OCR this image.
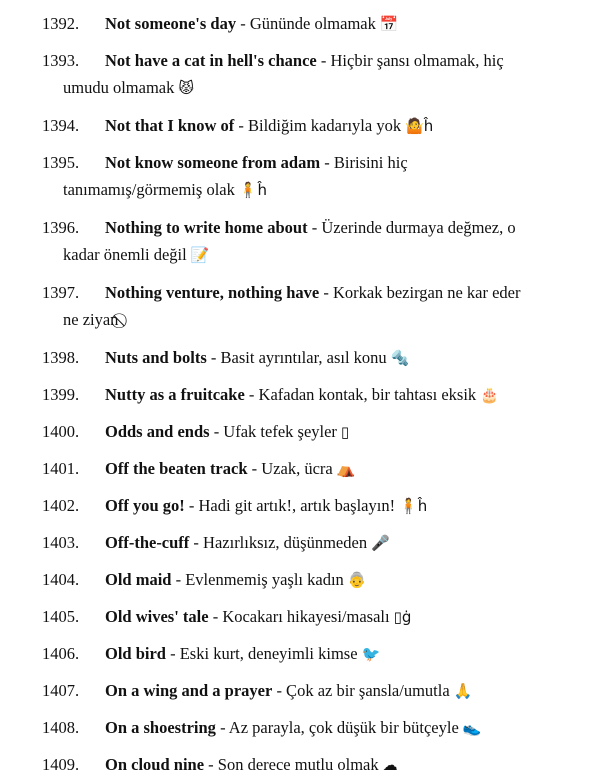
1392.	Not someone's day - Gününde olmamak 📅
1393.	Not have a cat in hell's chance - Hiçbir şansı olmamak, hiç
umudu olmamak 😾
1394.	Not that I know of - Bildiğim kadarıyla yok 🤷ĥ
1395.	Not know someone from adam - Birisini hiç
tanımamış/görmemiş olak 🧍ĥ
1396.	Nothing to write home about - Üzerinde durmaya değmez, o
kadar önemli değil 📝
1397.	Nothing venture, nothing have - Korkak bezirgan ne kar eder
ne ziyan
1398.	Nuts and bolts - Basit ayrıntılar, asıl konu 🔩
1399.	Nutty as a fruitcake - Kafadan kontak, bir tahtası eksik 🎂
1400.	Odds and ends - Ufak tefek şeyler ▯
1401.	Off the beaten track - Uzak, ücra ⛺
1402.	Off you go! - Hadi git artık!, artık başlayın! 🧍ĥ
1403.	Off-the-cuff - Hazırlıksız, düşünmeden 🎤
1404.	Old maid - Evlenmemiş yaşlı kadın 👵
1405.	Old wives' tale - Kocakarı hikayesi/masalı ▯ġ
1406.	Old bird - Eski kurt, deneyimli kimse 🐦
1407.	On a wing and a prayer - Çok az bir şansla/umutla 🙏
1408.	On a shoestring - Az parayla, çok düşük bir bütçeyle 👟
1409.	On cloud nine - Son derece mutlu olmak ☁
